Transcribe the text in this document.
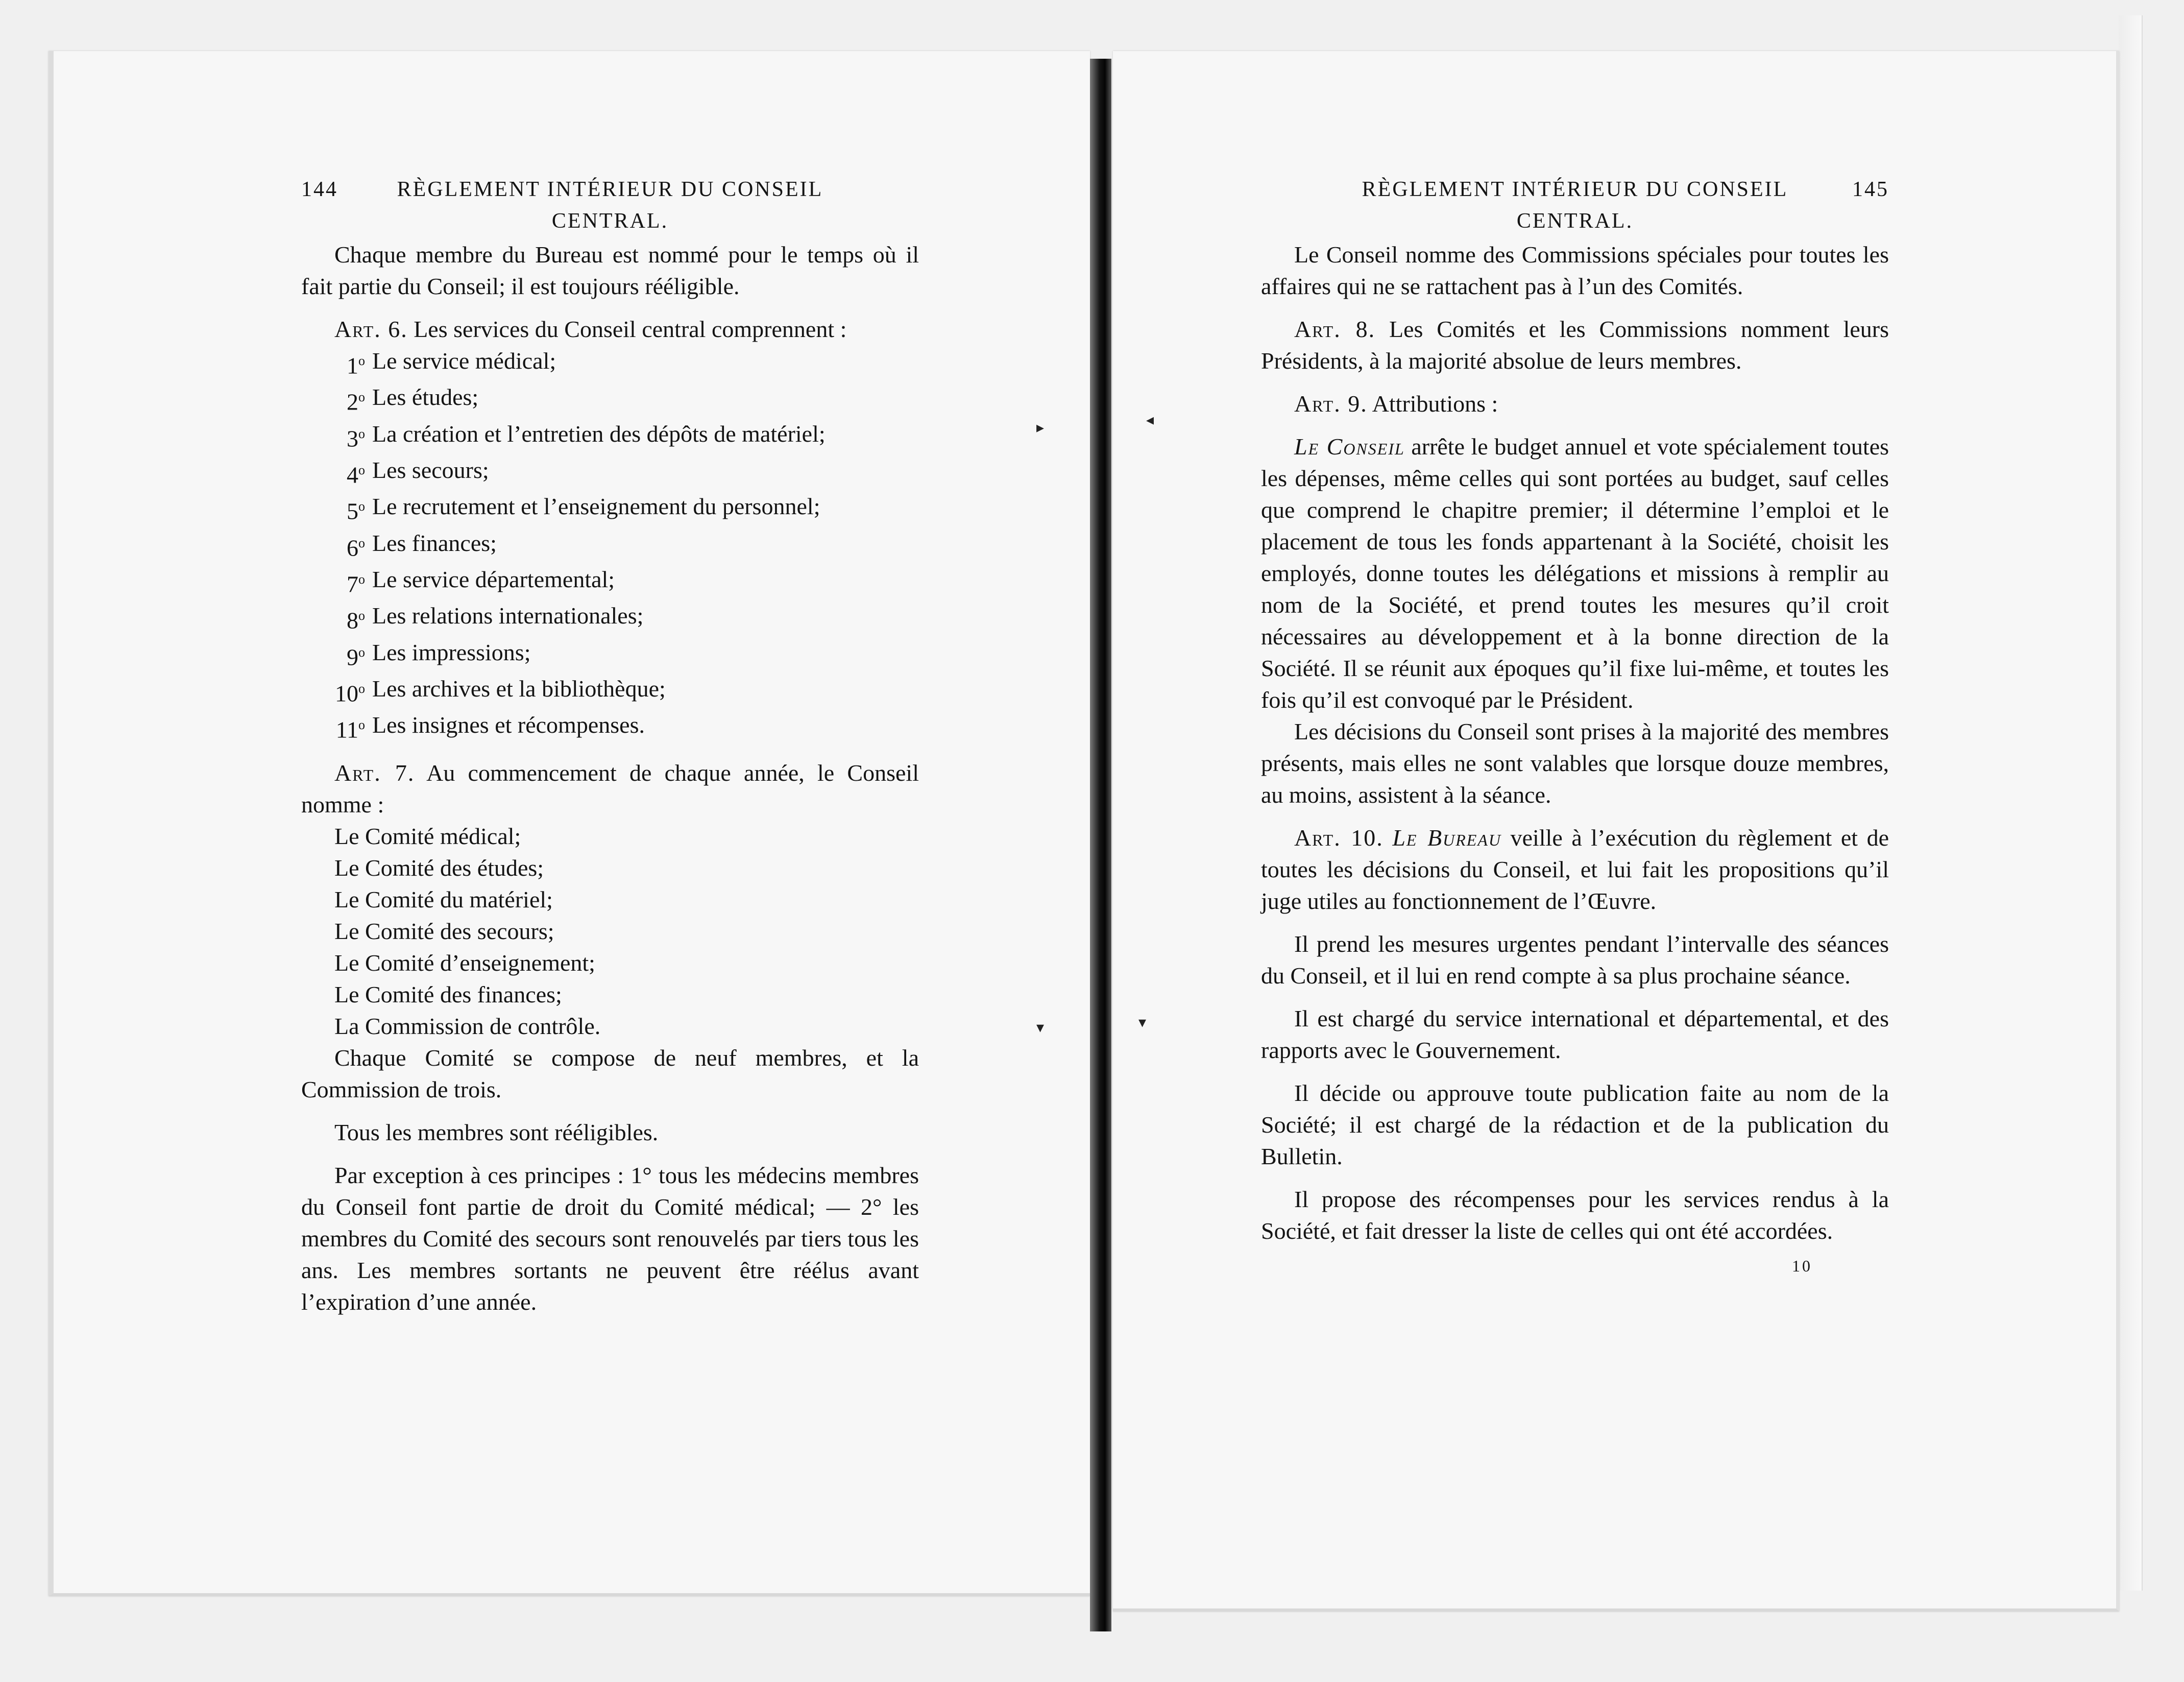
▸	◂
▾	▾
144	RÈGLEMENT INTÉRIEUR DU CONSEIL CENTRAL.

Chaque membre du Bureau est nommé pour le temps où il fait partie du Conseil; il est toujours rééligible.

Art. 6. Les services du Conseil central comprennent :

1$^o$ Le service médical;
2$^o$ Les études;
3$^o$ La création et l’entretien des dépôts de matériel;
4$^o$ Les secours;
5$^o$ Le recrutement et l’enseignement du personnel;
6$^o$ Les finances;
7$^o$ Le service départemental;
8$^o$ Les relations internationales;
9$^o$ Les impressions;
10$^o$ Les archives et la bibliothèque;
11$^o$ Les insignes et récompenses.

Art. 7. Au commencement de chaque année, le Conseil nomme :

Le Comité médical;
Le Comité des études;
Le Comité du matériel;
Le Comité des secours;
Le Comité d’enseignement;
Le Comité des finances;
La Commission de contrôle.

Chaque Comité se compose de neuf membres, et la Commission de trois.

Tous les membres sont rééligibles.

Par exception à ces principes : 1° tous les médecins membres du Conseil font partie de droit du Comité médical; — 2° les membres du Comité des secours sont renouvelés par tiers tous les ans. Les membres sortants ne peuvent être réélus avant l’expiration d’une année.

RÈGLEMENT INTÉRIEUR DU CONSEIL CENTRAL.
145

Le Conseil nomme des Commissions spéciales pour toutes les affaires qui ne se rattachent pas à l’un des Comités.

Art. 8. Les Comités et les Commissions nomment leurs Présidents, à la majorité absolue de leurs membres.

Art. 9. Attributions :

Le Conseil arrête le budget annuel et vote spécialement toutes les dépenses, même celles qui sont portées au budget, sauf celles que comprend le chapitre premier; il détermine l’emploi et le placement de tous les fonds appartenant à la Société, choisit les employés, donne toutes les délégations et missions à remplir au nom de la Société, et prend toutes les mesures qu’il croit nécessaires au développement et à la bonne direction de la Société. Il se réunit aux époques qu’il fixe lui-même, et toutes les fois qu’il est convoqué par le Président.

Les décisions du Conseil sont prises à la majorité des membres présents, mais elles ne sont valables que lorsque douze membres, au moins, assistent à la séance.

Art. 10. Le Bureau veille à l’exécution du règlement et de toutes les décisions du Conseil, et lui fait les propositions qu’il juge utiles au fonctionnement de l’Œuvre.

Il prend les mesures urgentes pendant l’intervalle des séances du Conseil, et il lui en rend compte à sa plus prochaine séance.

Il est chargé du service international et départemental, et des rapports avec le Gouvernement.

Il décide ou approuve toute publication faite au nom de la Société; il est chargé de la rédaction et de la publication du Bulletin.

Il propose des récompenses pour les services rendus à la Société, et fait dresser la liste de celles qui ont été accordées.

10
